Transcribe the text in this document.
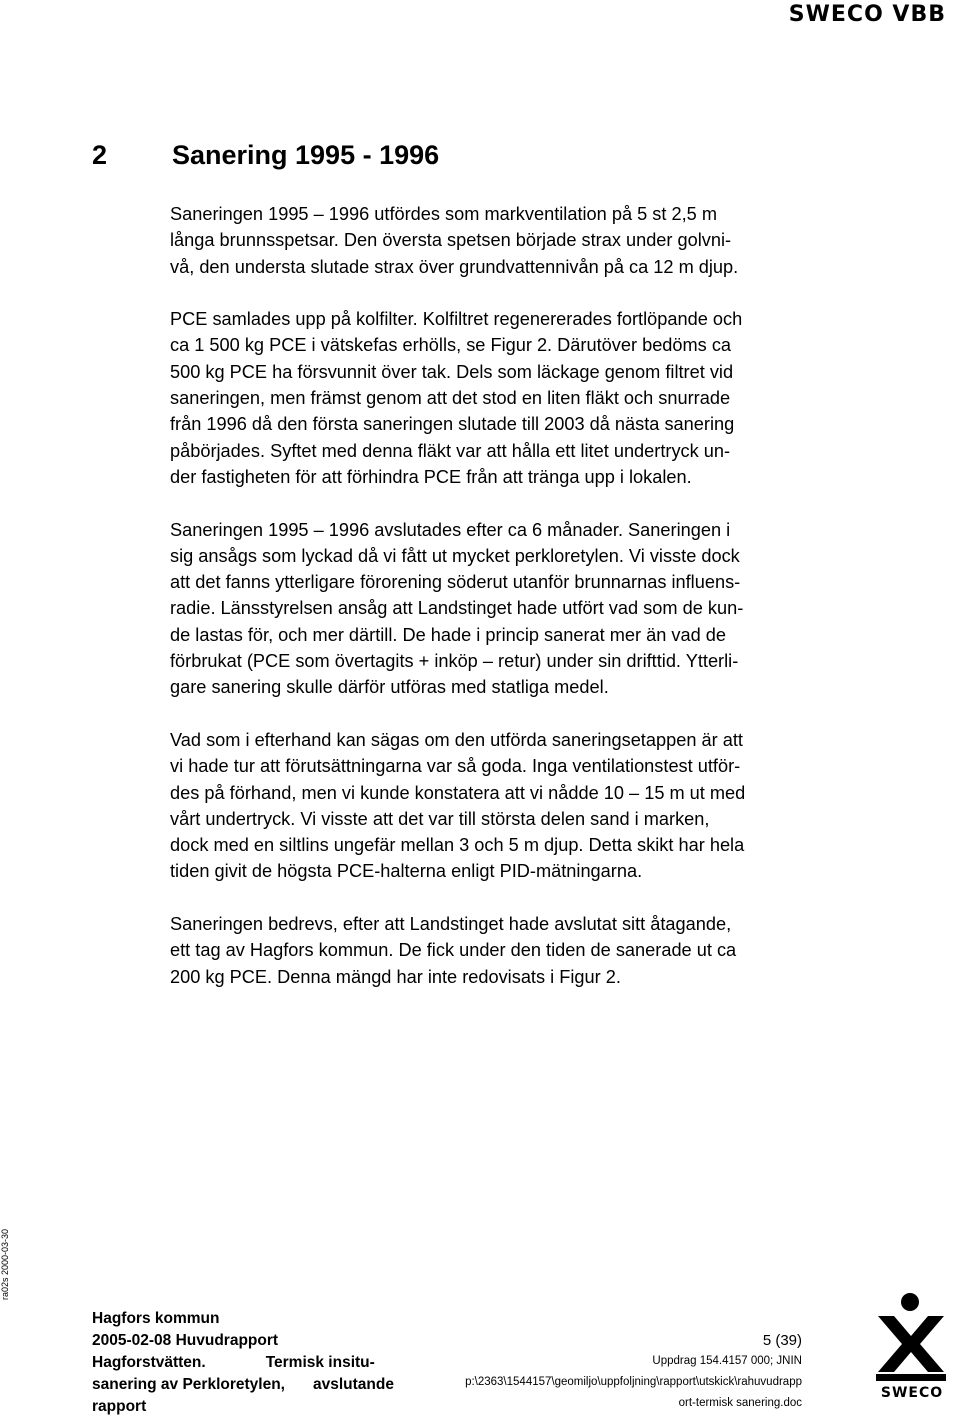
SWECO VBB
2 Sanering 1995 - 1996

Saneringen 1995 – 1996 utfördes som markventilation på 5 st 2,5 m
långa brunnsspetsar. Den översta spetsen började strax under golvni-
vå, den understa slutade strax över grundvattennivån på ca 12 m djup.

PCE samlades upp på kolfilter. Kolfiltret regenererades fortlöpande och
ca 1 500 kg PCE i vätskefas erhölls, se Figur 2. Därutöver bedöms ca
500 kg PCE ha försvunnit över tak. Dels som läckage genom filtret vid
saneringen, men främst genom att det stod en liten fläkt och snurrade
från 1996 då den första saneringen slutade till 2003 då nästa sanering
påbörjades. Syftet med denna fläkt var att hålla ett litet undertryck un-
der fastigheten för att förhindra PCE från att tränga upp i lokalen.

Saneringen 1995 – 1996 avslutades efter ca 6 månader. Saneringen i
sig ansågs som lyckad då vi fått ut mycket perkloretylen. Vi visste dock
att det fanns ytterligare förorening söderut utanför brunnarnas influens-
radie. Länsstyrelsen ansåg att Landstinget hade utfört vad som de kun-
de lastas för, och mer därtill. De hade i princip sanerat mer än vad de
förbrukat (PCE som övertagits + inköp – retur) under sin drifttid. Ytterli-
gare sanering skulle därför utföras med statliga medel.

Vad som i efterhand kan sägas om den utförda saneringsetappen är att
vi hade tur att förutsättningarna var så goda. Inga ventilationstest utför-
des på förhand, men vi kunde konstatera att vi nådde 10 – 15 m ut med
vårt undertryck. Vi visste att det var till största delen sand i marken,
dock med en siltlins ungefär mellan 3 och 5 m djup. Detta skikt har hela
tiden givit de högsta PCE-halterna enligt PID-mätningarna.

Saneringen bedrevs, efter att Landstinget hade avslutat sitt åtagande,
ett tag av Hagfors kommun. De fick under den tiden de sanerade ut ca
200 kg PCE. Denna mängd har inte redovisats i Figur 2.

ra02s 2000-03-30
Hagfors kommun
2005-02-08 Huvudrapport
Hagforstvätten.	Termisk insitu-
sanering av Perkloretylen, avslutande
rapport
5 (39)
Uppdrag 154.4157 000; JNIN
p:\2363\1544157\geomiljo\uppfoljning\rapport\utskick\rahuvudrapp
ort-termisk sanering.doc
SWECO
